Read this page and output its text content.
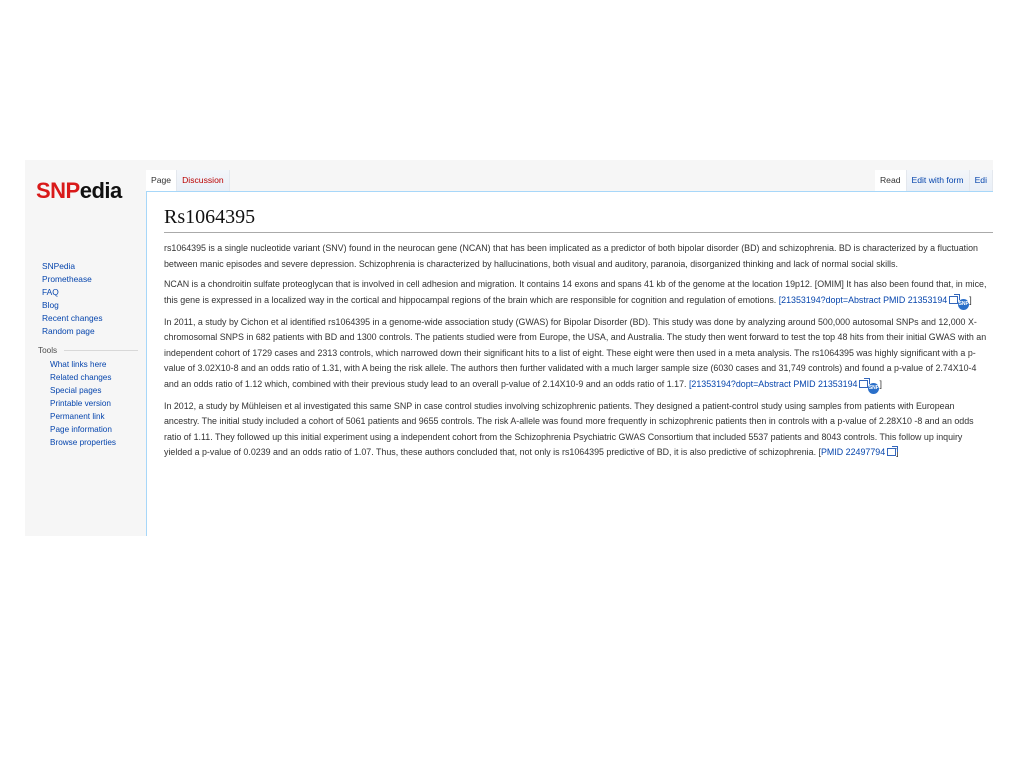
SNPedia
SNPedia
Promethease
FAQ
Blog
Recent changes
Random page
Tools
What links here
Related changes
Special pages
Printable version
Permanent link
Page information
Browse properties
Page	Discussion	Read	Edit with form	Edi
Rs1064395

rs1064395 is a single nucleotide variant (SNV) found in the neurocan gene (NCAN) that has been implicated as a predictor of both bipolar disorder (BD) and schizophrenia. BD is characterized by a fluctuation between manic episodes and severe depression. Schizophrenia is characterized by hallucinations, both visual and auditory, paranoia, disorganized thinking and lack of normal social skills.

NCAN is a chondroitin sulfate proteoglycan that is involved in cell adhesion and migration. It contains 14 exons and spans 41 kb of the genome at the location 19p12. [OMIM] It has also been found that, in mice, this gene is expressed in a localized way in the cortical and hippocampal regions of the brain which are responsible for cognition and regulation of emotions. [21353194?dopt=Abstract PMID 21353194 SNP]

In 2011, a study by Cichon et al identified rs1064395 in a genome-wide association study (GWAS) for Bipolar Disorder (BD). This study was done by analyzing around 500,000 autosomal SNPs and 12,000 X-chromosomal SNPS in 682 patients with BD and 1300 controls. The patients studied were from Europe, the USA, and Australia. The study then went forward to test the top 48 hits from their initial GWAS with an independent cohort of 1729 cases and 2313 controls, which narrowed down their significant hits to a list of eight. These eight were then used in a meta analysis. The rs1064395 was highly significant with a p-value of 3.02X10-8 and an odds ratio of 1.31, with A being the risk allele. The authors then further validated with a much larger sample size (6030 cases and 31,749 controls) and found a p-value of 2.74X10-4 and an odds ratio of 1.12 which, combined with their previous study lead to an overall p-value of 2.14X10-9 and an odds ratio of 1.17. [21353194?dopt=Abstract PMID 21353194 SNP]

In 2012, a study by Mühleisen et al investigated this same SNP in case control studies involving schizophrenic patients. They designed a patient-control study using samples from patients with European ancestry. The initial study included a cohort of 5061 patients and 9655 controls. The risk A-allele was found more frequently in schizophrenic patients then in controls with a p-value of 2.28X10 -8 and an odds ratio of 1.11. They followed up this initial experiment using a independent cohort from the Schizophrenia Psychiatric GWAS Consortium that included 5537 patients and 8043 controls. This follow up inquiry yielded a p-value of 0.0239 and an odds ratio of 1.07. Thus, these authors concluded that, not only is rs1064395 predictive of BD, it is also predictive of schizophrenia. [PMID 22497794 ]
